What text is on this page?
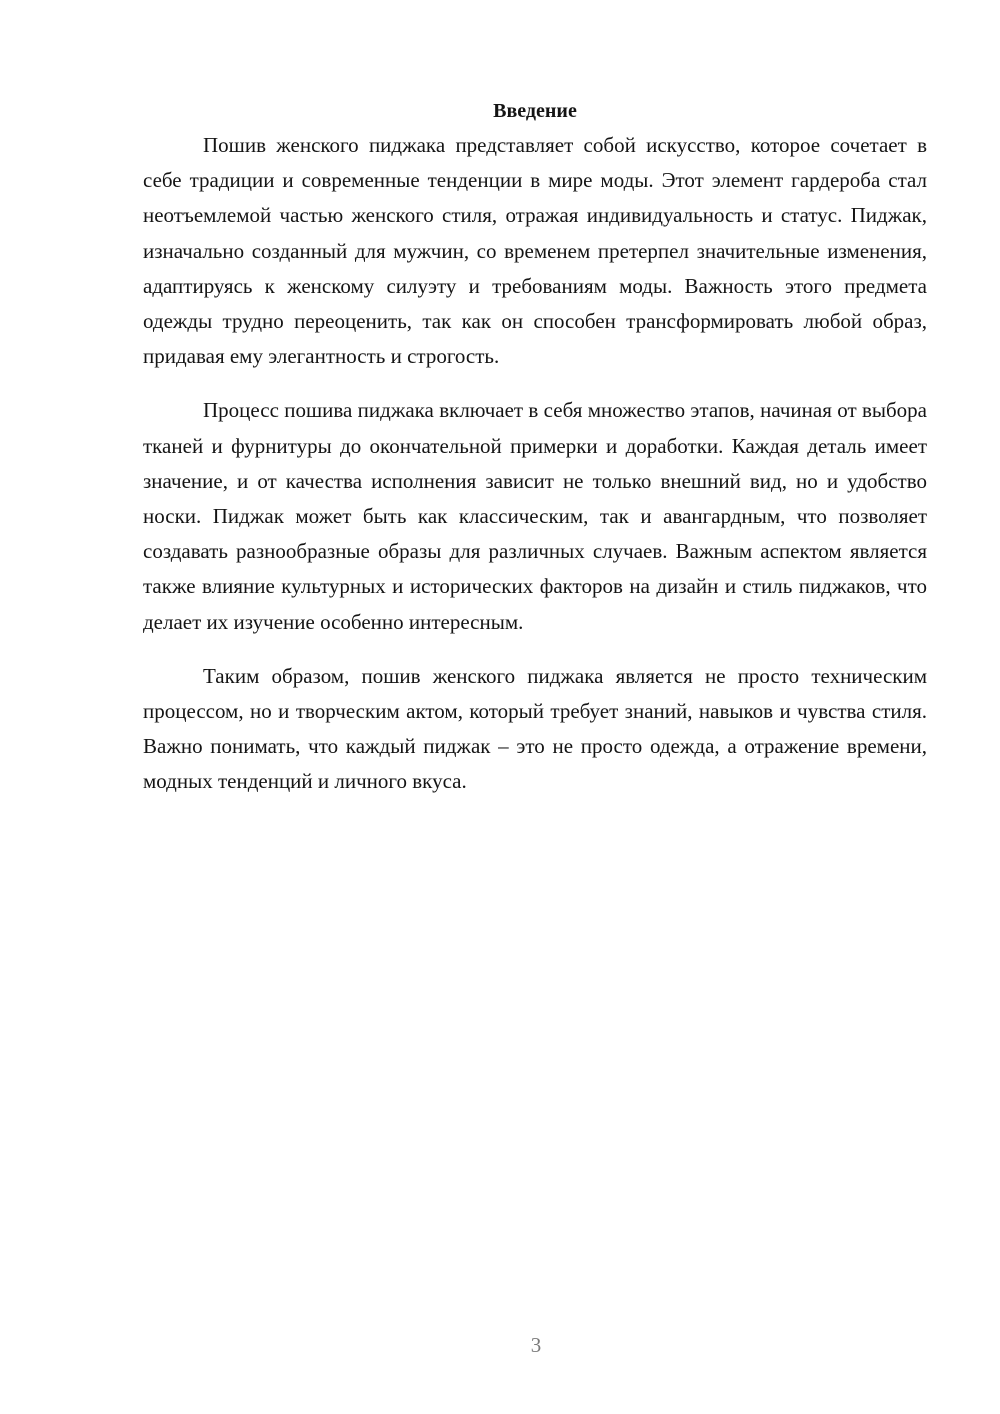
Введение

Пошив женского пиджака представляет собой искусство, которое сочетает в себе традиции и современные тенденции в мире моды. Этот элемент гардероба стал неотъемлемой частью женского стиля, отражая индивидуальность и статус. Пиджак, изначально созданный для мужчин, со временем претерпел значительные изменения, адаптируясь к женскому силуэту и требованиям моды. Важность этого предмета одежды трудно переоценить, так как он способен трансформировать любой образ, придавая ему элегантность и строгость.

Процесс пошива пиджака включает в себя множество этапов, начиная от выбора тканей и фурнитуры до окончательной примерки и доработки. Каждая деталь имеет значение, и от качества исполнения зависит не только внешний вид, но и удобство носки. Пиджак может быть как классическим, так и авангардным, что позволяет создавать разнообразные образы для различных случаев. Важным аспектом является также влияние культурных и исторических факторов на дизайн и стиль пиджаков, что делает их изучение особенно интересным.

Таким образом, пошив женского пиджака является не просто техническим процессом, но и творческим актом, который требует знаний, навыков и чувства стиля. Важно понимать, что каждый пиджак – это не просто одежда, а отражение времени, модных тенденций и личного вкуса.

3
